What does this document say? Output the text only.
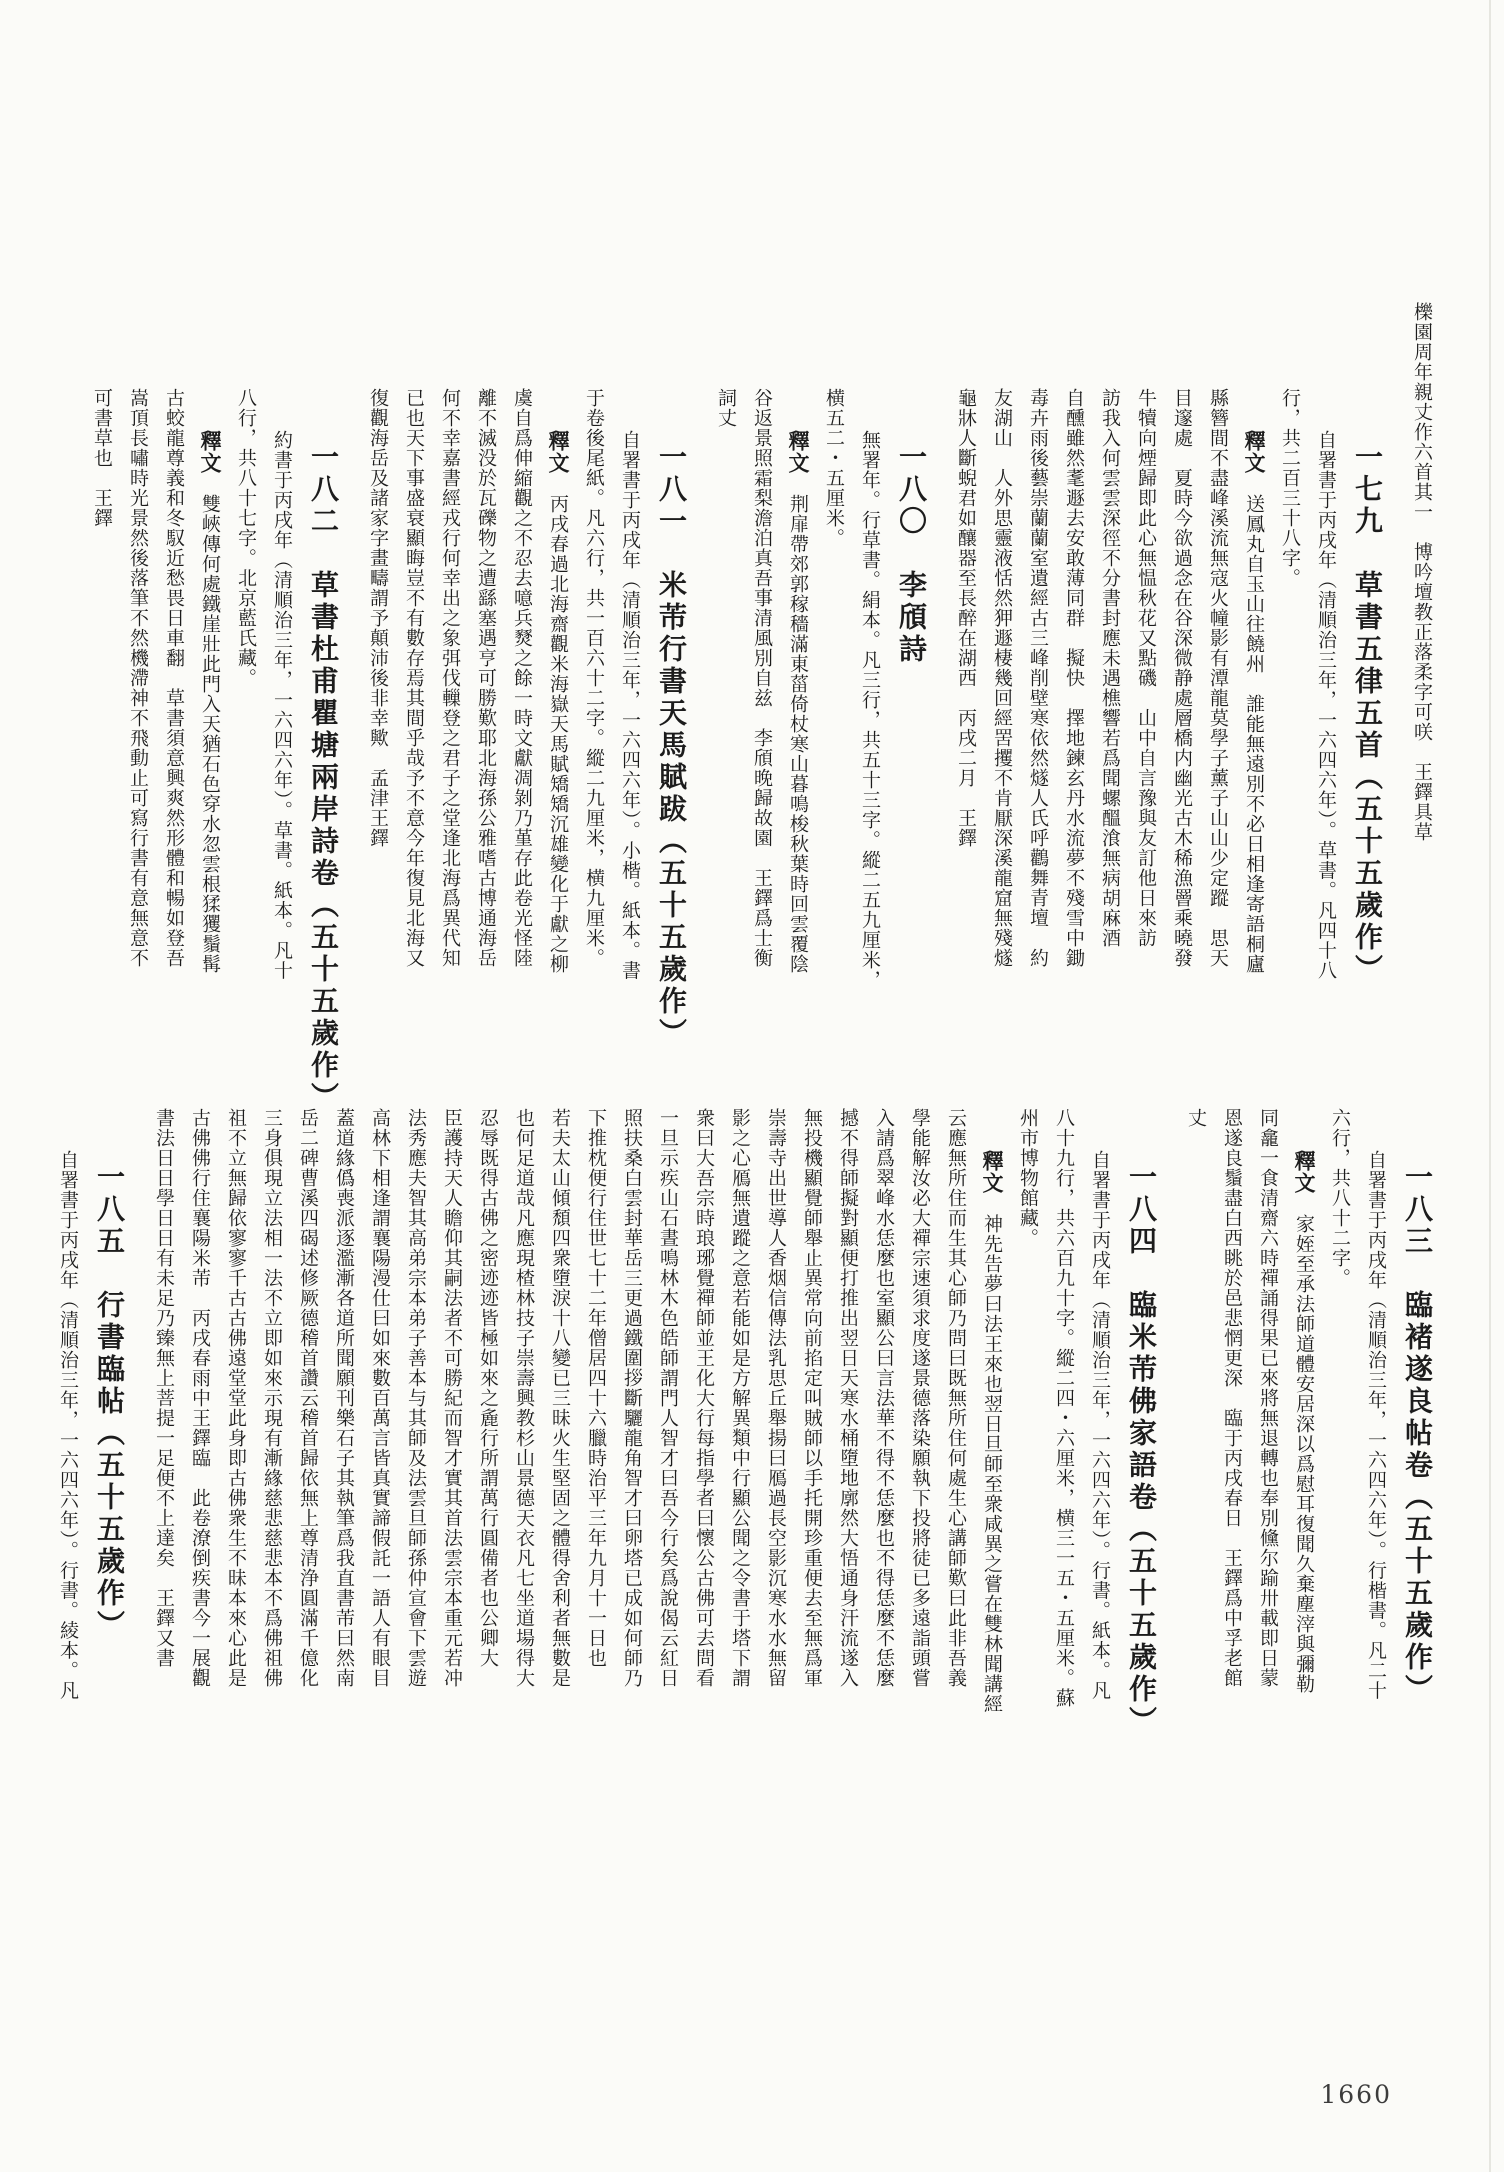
櫟園周年親丈作六首其一　博吟壇教正落柔字可咲　王鐸具草
一七九　草書五律五首（五十五歲作）
自署書于丙戌年（清順治三年，一六四六年）。草書。凡四十八
行，共二百三十八字。
釋文　送鳳丸自玉山往饒州　誰能無遠別不必日相逢寄語桐廬
縣簪間不盡峰溪流無寇火幢影有潭龍莫學子薰子山山少定蹤　思天
目邃處　夏時今欲過念在谷深微静處層橋内幽光古木稀漁罾乘曉發
牛犢向煙歸即此心無愠秋花又點磯　山中自言豫與友訂他日來訪
訪我入何雲雲深徑不分書封應未遇樵響若爲聞螺醞湌無病胡麻酒
自醺雖然耄遯去安敢薄同群　擬快　擇地鍊玄丹水流夢不殘雪中鋤
毒卉雨後藝崇蘭蘭室遺經古三峰削壁寒依然燧人氏呼鸛舞青壇　約
友湖山　人外思靈液恬然狎遯棲幾回經罟攫不肯厭深溪龍窟無殘燧
龜牀人斷蜺君如釀器至長醉在湖西　丙戌二月　王鐸
一八〇　李頎詩
無署年。行草書。絹本。凡三行，共五十三字。縱二五九厘米，
横五二・五厘米。
釋文　荆扉帶郊郭稼穡滿東菑倚杖寒山暮鳴梭秋葉時回雲覆陰
谷返景照霜梨澹泊真吾事清風別自兹　李頎晚歸故園　王鐸爲士衡
詞丈
一八一　米芾行書天馬賦跋（五十五歲作）
自署書于丙戌年（清順治三年，一六四六年）。小楷。紙本。書
于卷後尾紙。凡六行，共一百六十二字。縱二九厘米，横九厘米。
釋文　丙戌春過北海齋觀米海嶽天馬賦矯矯沉雄變化于獻之柳
虞自爲伸縮觀之不忍去噫兵燹之餘一時文獻凋剝乃堇存此卷光怪陸
離不滅没於瓦礫物之遭繇塞遇亨可勝歎耶北海孫公雅嗜古博通海岳
何不幸嘉書經戎行何幸出之象弭伐轈登之君子之堂逢北海爲異代知
已也天下事盛衰顯晦豈不有數存焉其間乎哉予不意今年復見北海又
復觀海岳及諸家字畫疇謂予顛沛後非幸歟　孟津王鐸
一八二　草書杜甫瞿塘兩岸詩卷（五十五歲作）
約書于丙戌年（清順治三年，一六四六年）。草書。紙本。凡十
八行，共八十七字。北京藍氏藏。
釋文　雙峽傳何處鐵崖壯此門入天猶石色穿水忽雲根猱玃鬚髯
古蛟龍尊義和冬馭近愁畏日車翻　草書須意興爽然形體和暢如登吾
嵩頂長嘯時光景然後落筆不然機滯神不飛動止可寫行書有意無意不
可書草也　王鐸
一八三　臨褚遂良帖卷（五十五歲作）
自署書于丙戌年（清順治三年，一六四六年）。行楷書。凡二十
六行，共八十二字。
釋文　家姪至承法師道體安居深以爲慰耳復聞久棄塵滓與彌勒
同龕一食清齋六時禪誦得果已來將無退轉也奉別儵尔踰卅載即日蒙
恩遂良鬚盡白西眺於邑悲惘更深　臨于丙戌春日　王鐸爲中孚老館
丈
一八四　臨米芾佛家語卷（五十五歲作）
自署書于丙戌年（清順治三年，一六四六年）。行書。紙本。凡
八十九行，共六百九十字。縱二四・六厘米，横三一五・五厘米。蘇
州市博物館藏。
釋文　神先告夢曰法王來也翌日旦師至衆咸異之嘗在雙林聞講經
云應無所住而生其心師乃問曰既無所住何處生心講師歎曰此非吾義
學能解汝必大禪宗速須求度遂景德落染願執下投將徒已多遠詣頭嘗
入請爲翠峰水恁麼也室顯公曰言法華不得不恁麼也不得恁麼不恁麼
撼不得師擬對顯便打推出翌日天寒水桶墮地廓然大悟通身汗流遂入
無投機顯覺師舉止異常向前掐定叫賊師以手托開珍重便去至無爲軍
崇壽寺出世導人香烟信傳法乳思丘舉揚曰鴈過長空影沉寒水水無留
影之心鴈無遺蹤之意若能如是方解異類中行顯公聞之令書于塔下謂
衆曰大吾宗時琅琊覺禪師並王化大行每指學者曰懷公古佛可去問看
一旦示疾山石晝鳴林木色皓師謂門人智才曰吾今行矣爲說偈云紅日
照扶桑白雲封華岳三更過鐵圍拶斷驪龍角智才曰卵塔已成如何師乃
下推枕便行住世七十二年僧居四十六臘時治平三年九月十一日也
若夫太山傾頹四衆墮淚十八變已三昧火生堅固之體得舍利者無數是
也何足道哉凡應現楂林技子崇壽興教杉山景德天衣凡七坐道場得大
忍辱既得古佛之密迹迹皆極如來之麁行所謂萬行圓備者也公卿大
臣護持天人瞻仰其嗣法者不可勝紀而智才實其首法雲宗本重元若冲
法秀應夫智其高弟宗本弟子善本与其師及法雲旦師孫仲宣會下雲遊
高林下相逢謂襄陽漫仕曰如來數百萬言皆真實諦假託一語人有眼目
蓋道緣僞喪派逐濫漸各道所聞願刊樂石子其執筆爲我直書芾曰然南
岳二碑曹溪四碣述修厥德稽首讚云稽首歸依無上尊清浄圓滿千億化
三身俱現立法相一法不立即如來示現有漸緣慈悲慈悲本不爲佛祖佛
祖不立無歸依寥寥千古古佛遠堂堂此身即古佛衆生不昧本來心此是
古佛佛行住襄陽米芾　丙戌春雨中王鐸臨　此卷潦倒疾書今一展觀
書法日日學日日有未足乃臻無上菩提一足便不上達矣　王鐸又書
一八五　行書臨帖（五十五歲作）
自署書于丙戌年（清順治三年，一六四六年）。行書。綾本。凡
1660
